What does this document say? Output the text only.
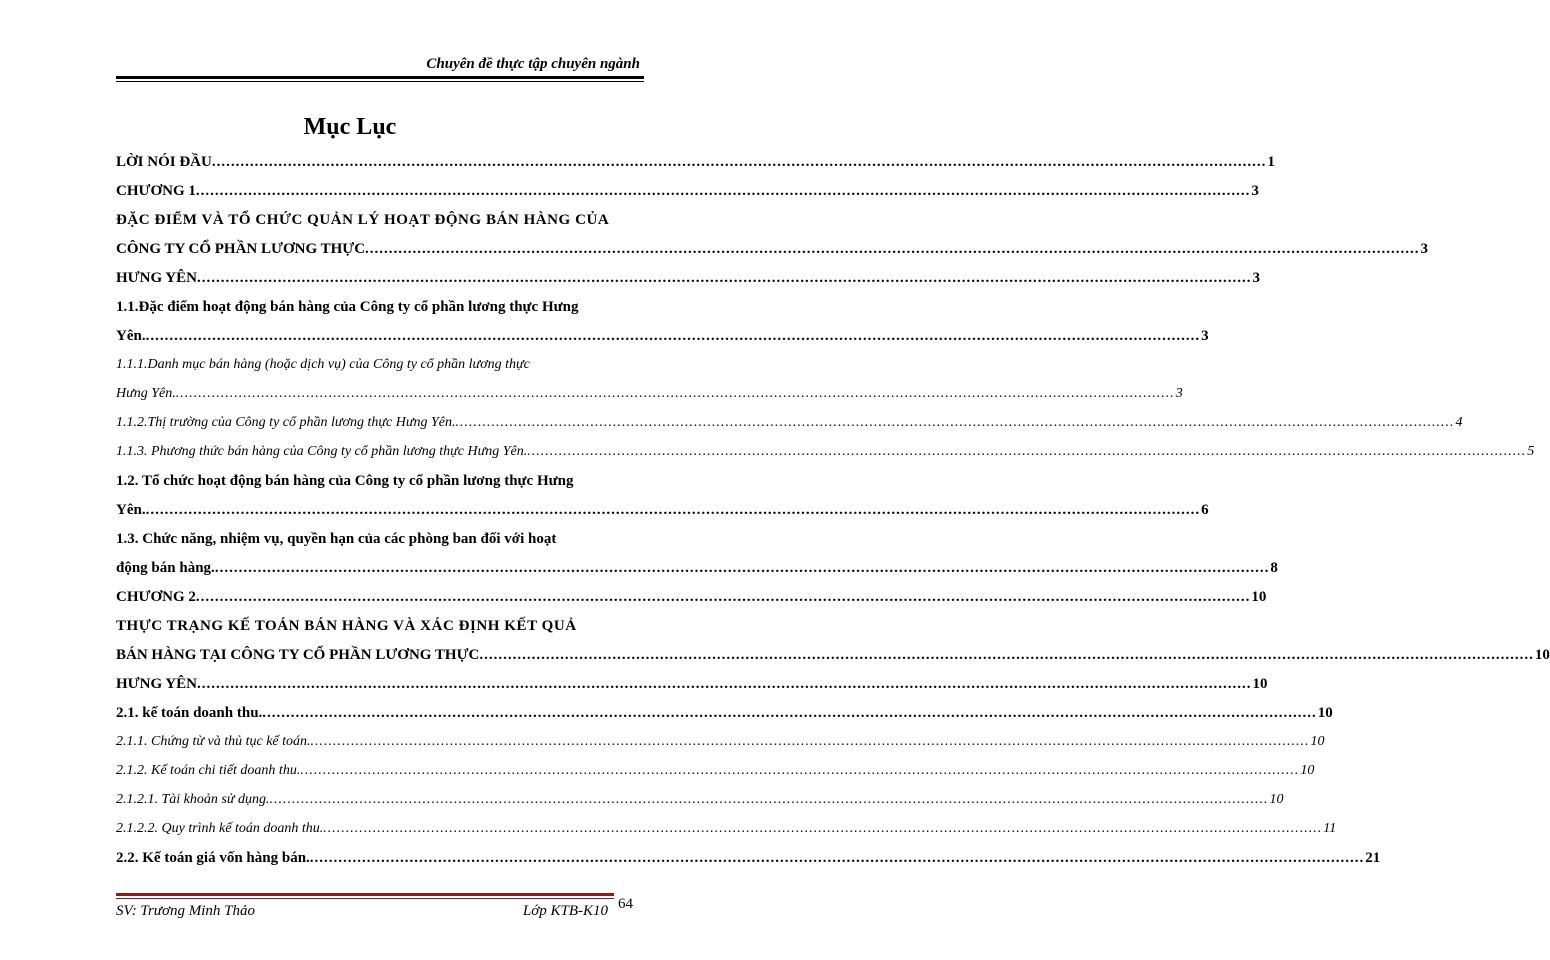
Chuyên đề thực tập chuyên ngành
Mục Lục
LỜI NÓI ĐẦU .............................................................................................................................................................................................................................. 1
CHƯƠNG 1 .............................................................................................................................................................................................................................. 3
ĐẶC ĐIỂM VÀ TỔ CHỨC QUẢN LÝ HOẠT ĐỘNG BÁN HÀNG CỦA
CÔNG TY CỔ PHẦN LƯƠNG THỰC .............................................................................................................................................................................................................................. 3
HƯNG YÊN .............................................................................................................................................................................................................................. 3
1.1.Đặc điểm hoạt động bán hàng của Công ty cổ phần lương thực Hưng
Yên. .............................................................................................................................................................................................................................. 3
1.1.1.Danh mục bán hàng (hoặc dịch vụ) của Công ty cổ phần lương thực
Hưng Yên. .............................................................................................................................................................................................................................. 3
1.1.2.Thị trường của Công ty cổ phần lương thực Hưng Yên. .............................................................................................................................................................................................................................. 4
1.1.3. Phương thức bán hàng của Công ty cổ phần lương thực Hưng Yên. .............................................................................................................................................................................................................................. 5
1.2. Tổ chức hoạt động bán hàng của Công ty cổ phần lương thực Hưng
Yên. .............................................................................................................................................................................................................................. 6
1.3. Chức năng, nhiệm vụ, quyền hạn của các phòng ban đối với hoạt
động bán hàng. .............................................................................................................................................................................................................................. 8
CHƯƠNG 2 .............................................................................................................................................................................................................................. 10
THỰC TRẠNG KẾ TOÁN BÁN HÀNG VÀ XÁC ĐỊNH KẾT QUẢ
BÁN HÀNG TẠI CÔNG TY CỔ PHẦN LƯƠNG THỰC .............................................................................................................................................................................................................................. 10
HƯNG YÊN .............................................................................................................................................................................................................................. 10
2.1. kế toán doanh thu. .............................................................................................................................................................................................................................. 10
2.1.1. Chứng từ và thủ tục kế toán. .............................................................................................................................................................................................................................. 10
2.1.2. Kế toán chi tiết doanh thu. .............................................................................................................................................................................................................................. 10
2.1.2.1. Tài khoản sử dụng. .............................................................................................................................................................................................................................. 10
2.1.2.2. Quy trình kế toán doanh thu. .............................................................................................................................................................................................................................. 11
2.2. Kế toán giá vốn hàng bán. .............................................................................................................................................................................................................................. 21
SV: Trương Minh Thảo	Lớp KTB-K10 64
